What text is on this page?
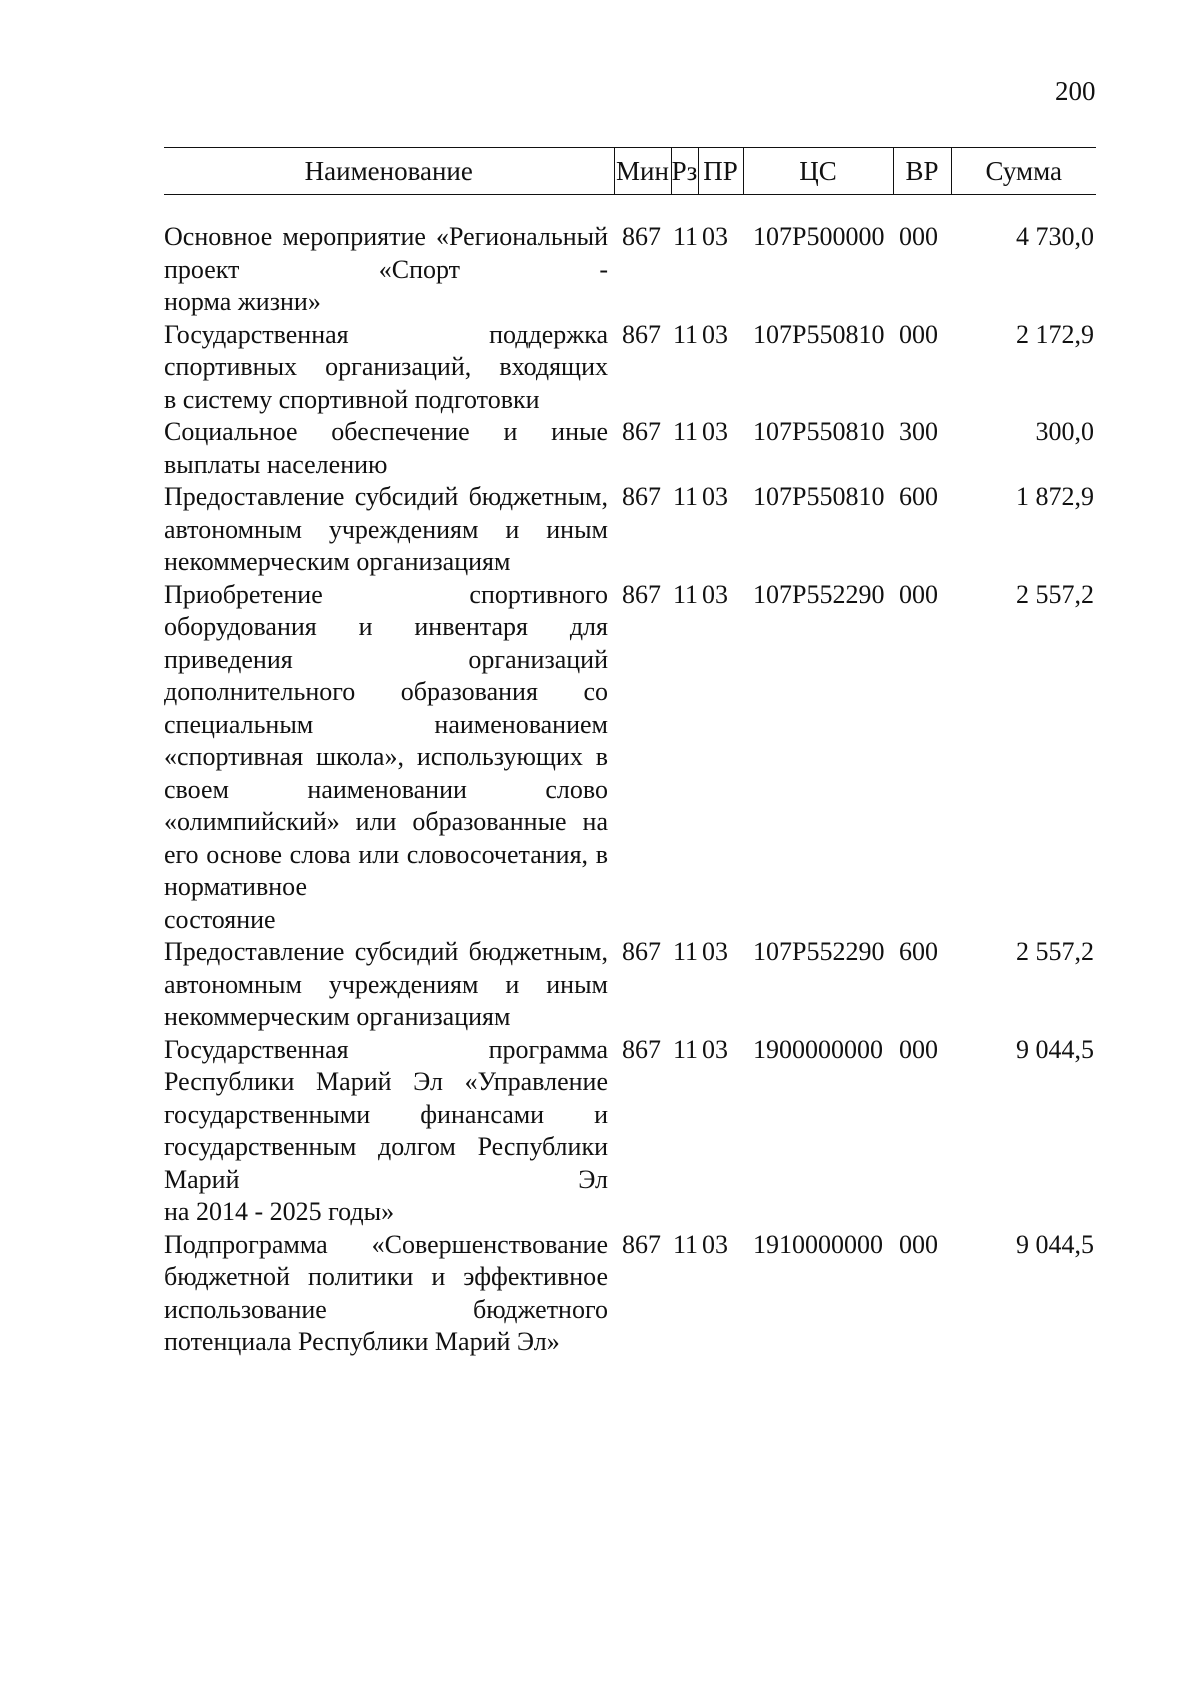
200
Наименование	Мин	Рз	ПР	ЦС	ВР	Сумма

Основное мероприятие «Региональный проект «Спорт -
норма жизни»	867	11	03	107P500000	000	4 730,0
Государственная поддержка спортивных организаций, входящих
в систему спортивной подготовки	867	11	03	107P550810	000	2 172,9
Социальное обеспечение и иные
выплаты населению	867	11	03	107P550810	300	300,0
Предоставление субсидий бюджетным, автономным учреждениям и иным
некоммерческим организациям	867	11	03	107P550810	600	1 872,9
Приобретение спортивного оборудования и инвентаря для приведения организаций дополнительного образования со специальным наименованием «спортивная школа», использующих в своем наименовании слово «олимпийский» или образованные на его основе слова или словосочетания, в нормативное
состояние	867	11	03	107P552290	000	2 557,2
Предоставление субсидий бюджетным, автономным учреждениям и иным
некоммерческим организациям	867	11	03	107P552290	600	2 557,2
Государственная программа Республики Марий Эл «Управление государственными финансами и государственным долгом Республики Марий Эл
на 2014 - 2025 годы»	867	11	03	1900000000	000	9 044,5
Подпрограмма «Совершенствование бюджетной политики и эффективное использование бюджетного
потенциала Республики Марий Эл»	867	11	03	1910000000	000	9 044,5
